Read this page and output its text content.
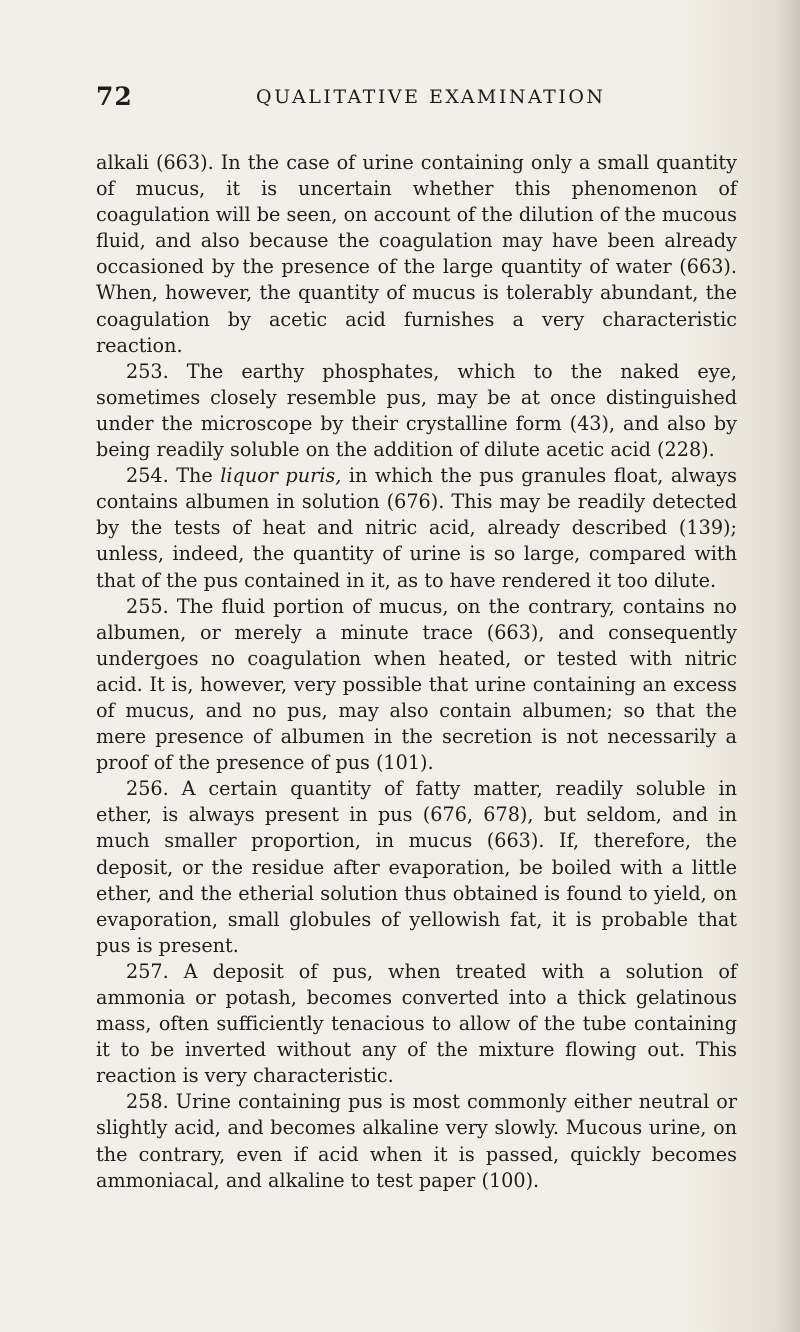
72	QUALITATIVE EXAMINATION

alkali (663). In the case of urine containing only a small quantity of mucus, it is uncertain whether this phenomenon of coagulation will be seen, on account of the dilution of the mucous fluid, and also because the coagulation may have been already occasioned by the presence of the large quantity of water (663). When, however, the quantity of mucus is tolerably abundant, the coagulation by acetic acid furnishes a very characteristic reaction.

253. The earthy phosphates, which to the naked eye, sometimes closely resemble pus, may be at once distinguished under the microscope by their crystalline form (43), and also by being readily soluble on the addition of dilute acetic acid (228).

254. The liquor puris, in which the pus granules float, always contains albumen in solution (676). This may be readily detected by the tests of heat and nitric acid, already described (139); unless, indeed, the quantity of urine is so large, compared with that of the pus contained in it, as to have rendered it too dilute.

255. The fluid portion of mucus, on the contrary, contains no albumen, or merely a minute trace (663), and consequently undergoes no coagulation when heated, or tested with nitric acid. It is, however, very possible that urine containing an excess of mucus, and no pus, may also contain albumen; so that the mere presence of albumen in the secretion is not necessarily a proof of the presence of pus (101).

256. A certain quantity of fatty matter, readily soluble in ether, is always present in pus (676, 678), but seldom, and in much smaller proportion, in mucus (663). If, therefore, the deposit, or the residue after evaporation, be boiled with a little ether, and the etherial solution thus obtained is found to yield, on evaporation, small globules of yellowish fat, it is probable that pus is present.

257. A deposit of pus, when treated with a solution of ammonia or potash, becomes converted into a thick gelatinous mass, often sufficiently tenacious to allow of the tube containing it to be inverted without any of the mixture flowing out. This reaction is very characteristic.

258. Urine containing pus is most commonly either neutral or slightly acid, and becomes alkaline very slowly. Mucous urine, on the contrary, even if acid when it is passed, quickly becomes ammoniacal, and alkaline to test paper (100).
